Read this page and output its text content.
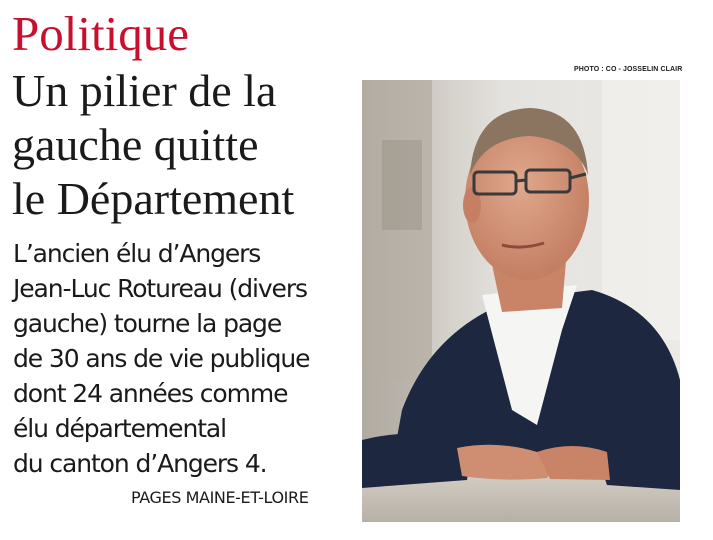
Politique
Un pilier de la
gauche quitte
le Département
L’ancien élu d’Angers
Jean-Luc Rotureau (divers
gauche) tourne la page
de 30 ans de vie publique
dont 24 années comme
élu départemental
du canton d’Angers 4.
PAGES MAINE-ET-LOIRE
PHOTO : CO - JOSSELIN CLAIR
